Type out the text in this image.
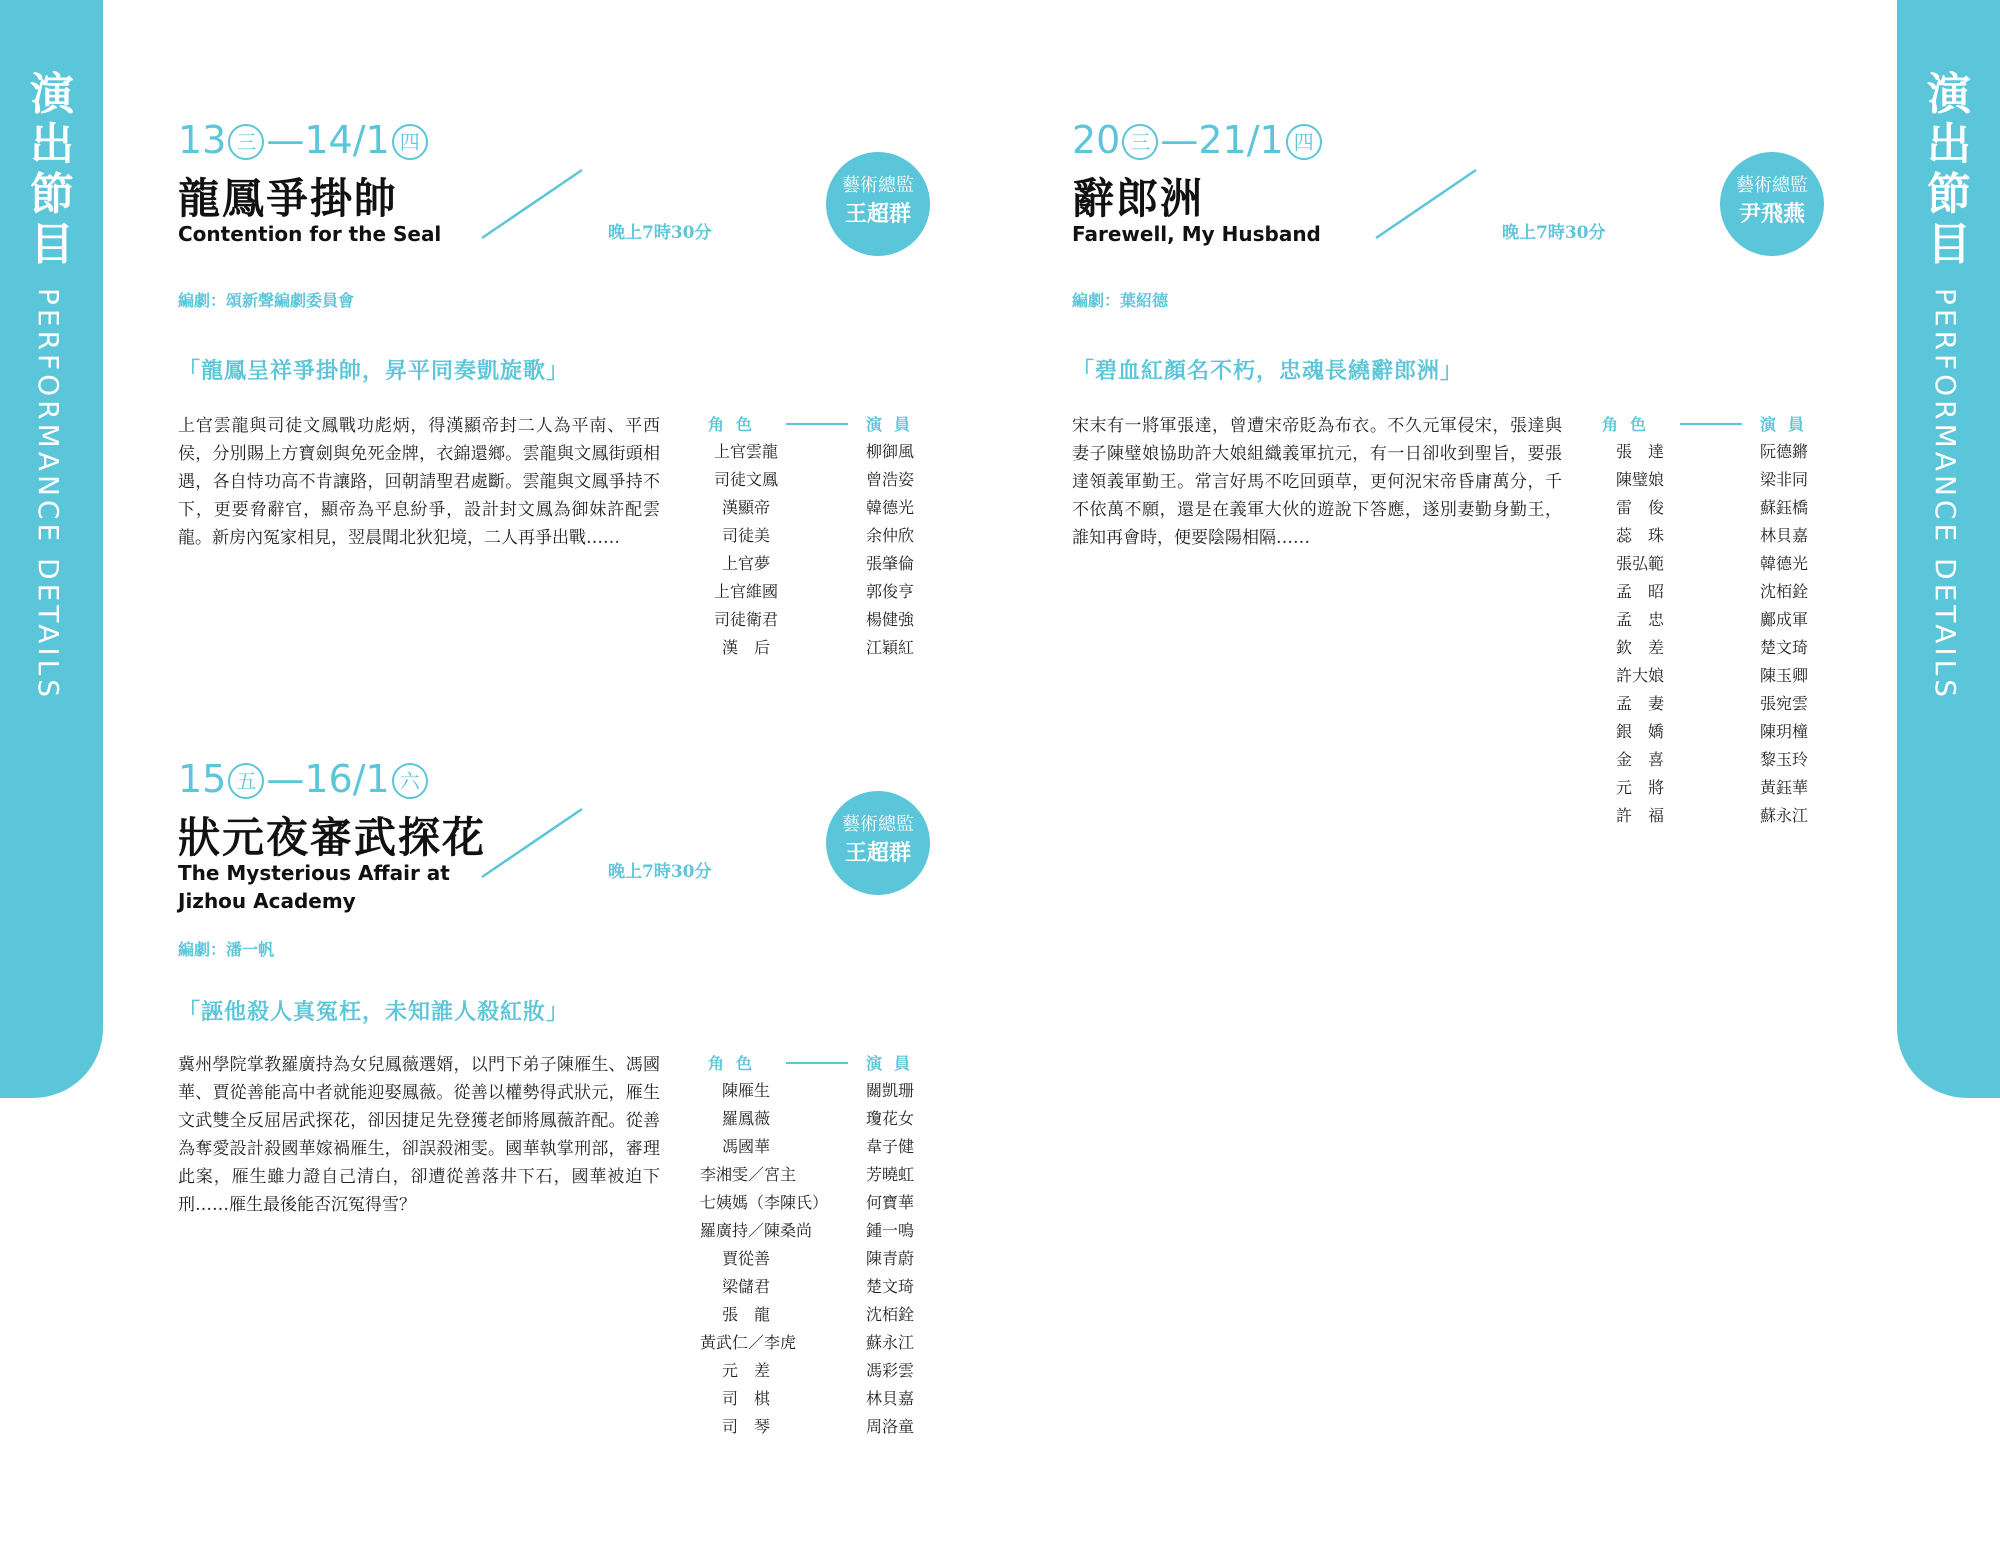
演出節目
PERFORMANCE DETAILS
演出節目
PERFORMANCE DETAILS
13 三 —14/1 四
龍鳳爭掛帥
Contention for the Seal	晚上7時30分
藝術總監
王超群
編劇：頌新聲編劇委員會
「龍鳳呈祥爭掛帥，昇平同奏凱旋歌」
上官雲龍與司徒文鳳戰功彪炳，得漢顯帝封二人為平南、平西侯，分別賜上方寶劍與免死金牌，衣錦還鄉。雲龍與文鳳街頭相遇，各自恃功高不肯讓路，回朝請聖君處斷。雲龍與文鳳爭持不下，更要脅辭官，顯帝為平息紛爭，設計封文鳳為御妹許配雲龍。新房內冤家相見，翌晨聞北狄犯境，二人再爭出戰……
角色	演員
上官雲龍	柳御風
司徒文鳳	曾浩姿
漢顯帝	韓德光
司徒美	余仲欣
上官夢	張肇倫
上官維國	郭俊亨
司徒衛君	楊健強
漢　后	江穎紅
15 五 —16/1 六
狀元夜審武探花
The Mysterious Affair at Jizhou Academy
晚上7時30分
藝術總監
王超群
編劇：潘一帆
「誣他殺人真冤枉，未知誰人殺紅妝」
冀州學院掌教羅廣持為女兒鳳薇選婿，以門下弟子陳雁生、馮國華、賈從善能高中者就能迎娶鳳薇。從善以權勢得武狀元，雁生文武雙全反屈居武探花，卻因捷足先登獲老師將鳳薇許配。從善為奪愛設計殺國華嫁禍雁生，卻誤殺湘雯。國華執掌刑部，審理此案，雁生雖力證自己清白，卻遭從善落井下石，國華被迫下刑……雁生最後能否沉冤得雪？
角色	演員
陳雁生	關凱珊
羅鳳薇	瓊花女
馮國華	韋子健
李湘雯／宮主	芳曉虹
七姨媽（李陳氏）	何寶華
羅廣持／陳桑尚	鍾一鳴
賈從善	陳青蔚
梁儲君	楚文琦
張　龍	沈栢銓
黃武仁／李虎	蘇永江
元　差	馮彩雲
司　棋	林貝嘉
司　琴	周洛童
20 三 —21/1 四
辭郎洲
Farewell, My Husband	晚上7時30分
藝術總監
尹飛燕
編劇：葉紹德
「碧血紅顏名不朽，忠魂長繞辭郎洲」
宋末有一將軍張達，曾遭宋帝貶為布衣。不久元軍侵宋，張達與妻子陳璧娘協助許大娘組織義軍抗元，有一日卻收到聖旨，要張達領義軍勤王。常言好馬不吃回頭草，更何況宋帝昏庸萬分，千不依萬不願，還是在義軍大伙的遊說下答應，遂別妻勤身勤王，誰知再會時，便要陰陽相隔……
角色	演員
張　達	阮德鏘
陳璧娘	梁非同
雷　俊	蘇鈺橋
蕊　珠	林貝嘉
張弘範	韓德光
孟　昭	沈栢銓
孟　忠	鄺成軍
欽　差	楚文琦
許大娘	陳玉卿
孟　妻	張宛雲
銀　嬌	陳玥橦
金　喜	黎玉玲
元　將	黃鈺華
許　福	蘇永江
